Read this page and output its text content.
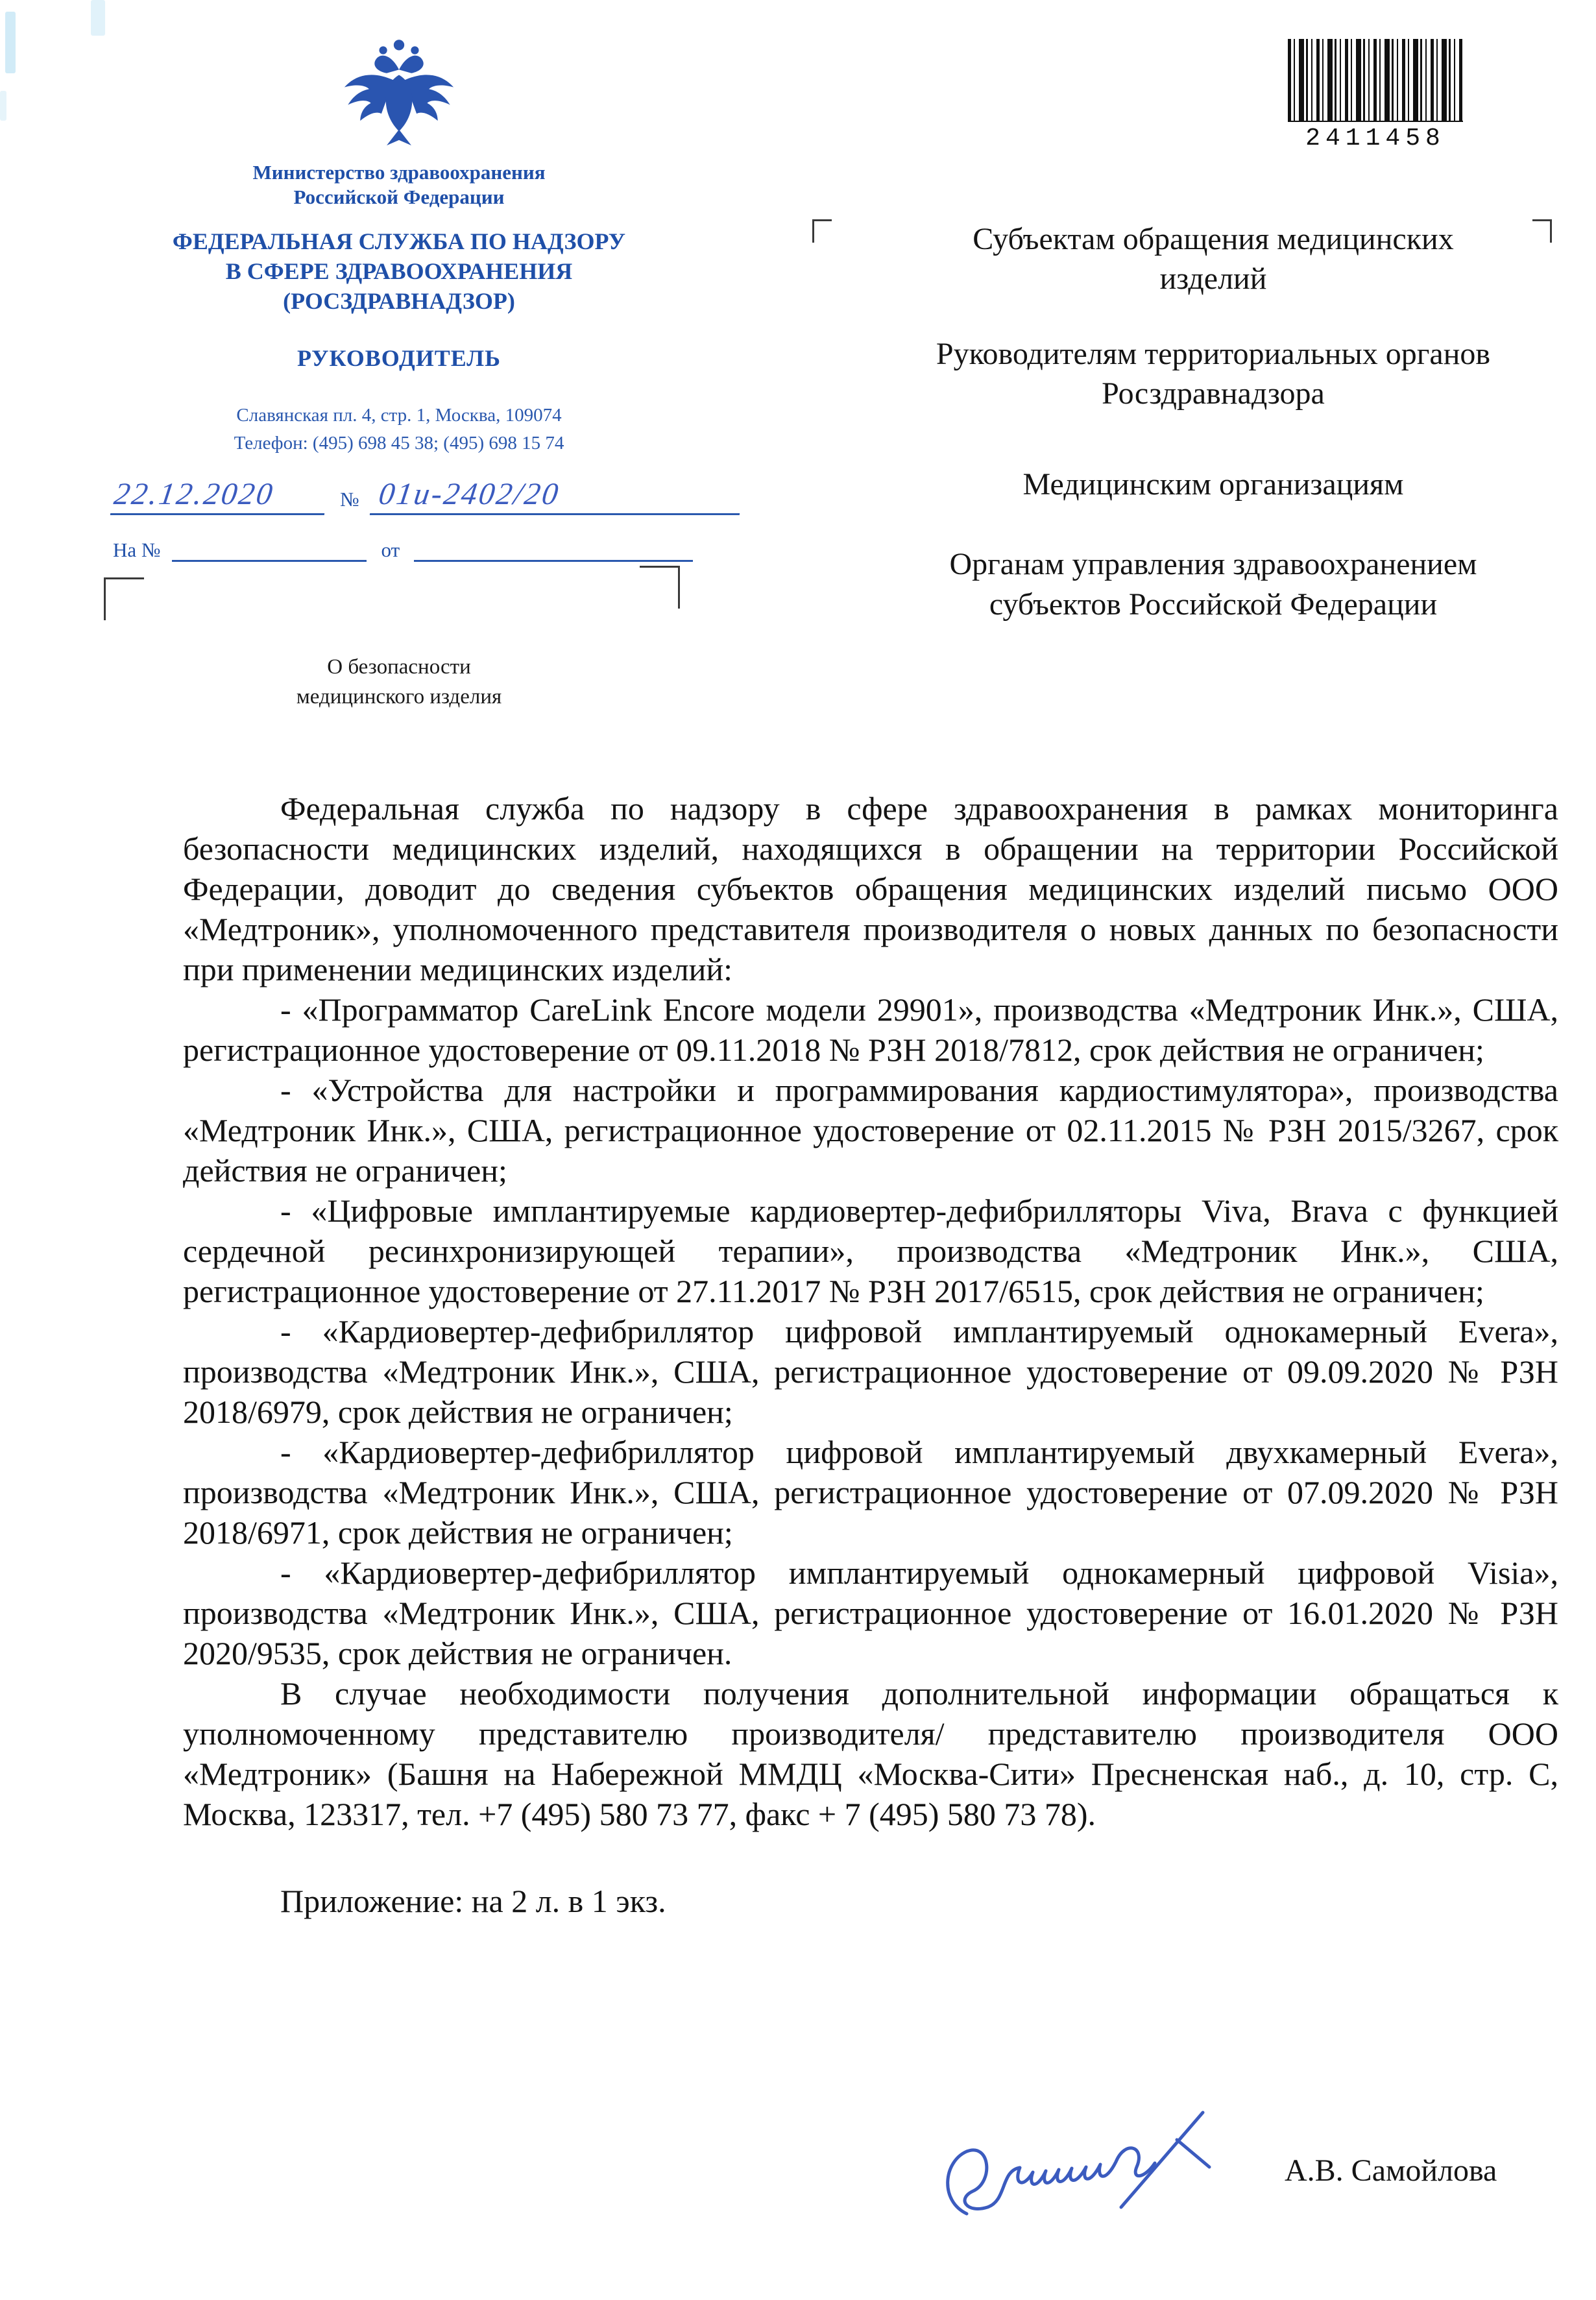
Министерство здравоохранения
Российской Федерации
ФЕДЕРАЛЬНАЯ СЛУЖБА ПО НАДЗОРУ
В СФЕРЕ ЗДРАВООХРАНЕНИЯ
(РОСЗДРАВНАДЗОР)
РУКОВОДИТЕЛЬ
Славянская пл. 4, стр. 1, Москва, 109074
Телефон: (495) 698 45 38; (495) 698 15 74
22.12.2020	№ 01и-2402/20
На №	от
2411458
Субъектам обращения медицинских
изделий
Руководителям территориальных органов
Росздравнадзора
Медицинским организациям
Органам управления здравоохранением
субъектов Российской Федерации
О безопасности
медицинского изделия

Федеральная служба по надзору в сфере здравоохранения в рамках мониторинга безопасности медицинских изделий, находящихся в обращении на территории Российской Федерации, доводит до сведения субъектов обращения медицинских изделий письмо ООО «Медтроник», уполномоченного представителя производителя о новых данных по безопасности при применении медицинских изделий:

- «Программатор CareLink Encore модели 29901», производства «Медтроник Инк.», США, регистрационное удостоверение от 09.11.2018 № РЗН 2018/7812, срок действия не ограничен;

- «Устройства для настройки и программирования кардиостимулятора», производства «Медтроник Инк.», США, регистрационное удостоверение от 02.11.2015 № РЗН 2015/3267, срок действия не ограничен;

- «Цифровые имплантируемые кардиовертер-дефибрилляторы Viva, Brava с функцией сердечной ресинхронизирующей терапии», производства «Медтроник Инк.», США, регистрационное удостоверение от 27.11.2017 № РЗН 2017/6515, срок действия не ограничен;

- «Кардиовертер-дефибриллятор цифровой имплантируемый однокамерный Evera», производства «Медтроник Инк.», США, регистрационное удостоверение от 09.09.2020 № РЗН 2018/6979, срок действия не ограничен;

- «Кардиовертер-дефибриллятор цифровой имплантируемый двухкамерный Evera», производства «Медтроник Инк.», США, регистрационное удостоверение от 07.09.2020 № РЗН 2018/6971, срок действия не ограничен;

- «Кардиовертер-дефибриллятор имплантируемый однокамерный цифровой Visia», производства «Медтроник Инк.», США, регистрационное удостоверение от 16.01.2020 № РЗН 2020/9535, срок действия не ограничен.

В случае необходимости получения дополнительной информации обращаться к уполномоченному представителю производителя/ представителю производителя ООО «Медтроник» (Башня на Набережной ММДЦ «Москва-Сити» Пресненская наб., д. 10, стр. С, Москва, 123317, тел. +7 (495) 580 73 77, факс + 7 (495) 580 73 78).

Приложение: на 2 л. в 1 экз.
А.В. Самойлова
